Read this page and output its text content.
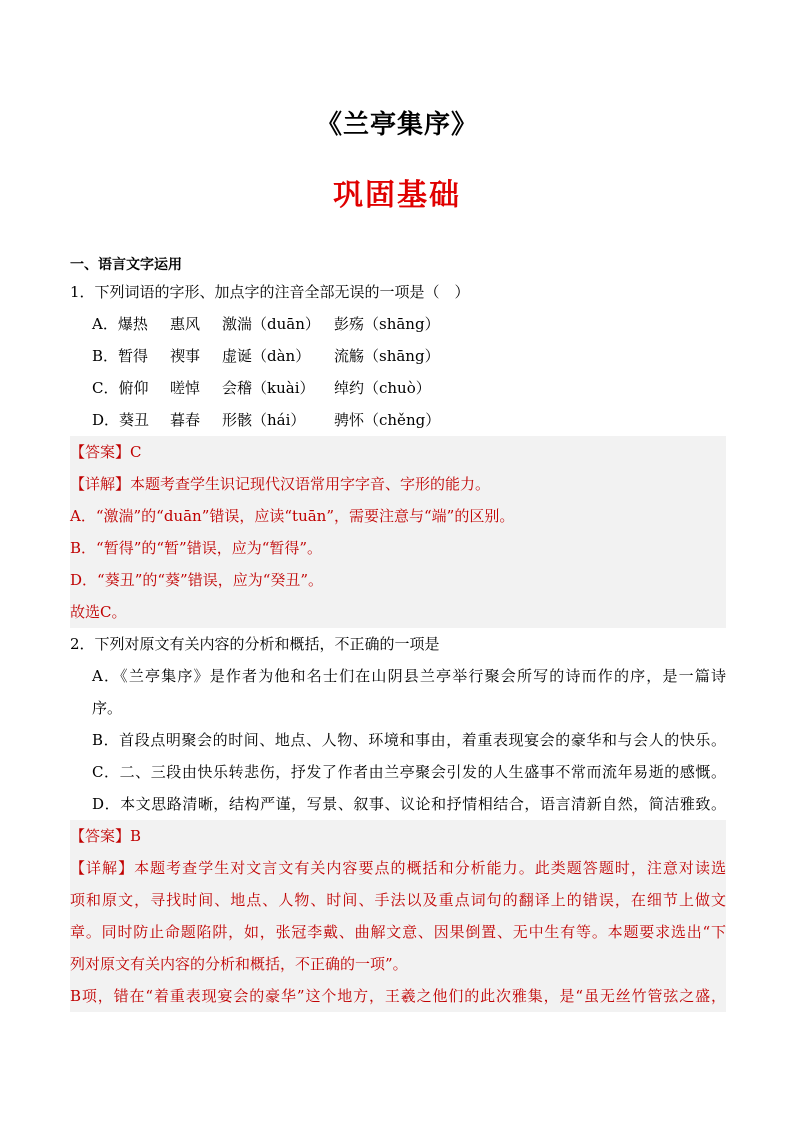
《兰亭集序》
巩固基础
一、语言文字运用
1．下列词语的字形、加点字的注音全部无误的一项是（　）
A．爆热 惠风 激湍（duān） 彭殇（shāng）
B．暂得 禊事 虚诞（dàn） 流觞（shāng）
C．俯仰 嗟悼 会稽（kuài） 绰约（chuò）
D．葵丑 暮春 形骸（hái） 骋怀（chěng）
【答案】C
【详解】本题考查学生识记现代汉语常用字字音、字形的能力。
A．“激湍”的“duān”错误，应读“tuān”，需要注意与“端”的区别。
B．“暂得”的“暂”错误，应为“暂得”。
D．“葵丑”的“葵”错误，应为“癸丑”。
故选C。
2．下列对原文有关内容的分析和概括，不正确的一项是
A．《兰亭集序》是作者为他和名士们在山阴县兰亭举行聚会所写的诗而作的序，是一篇诗
序。
B．首段点明聚会的时间、地点、人物、环境和事由，着重表现宴会的豪华和与会人的快乐。
C．二、三段由快乐转悲伤，抒发了作者由兰亭聚会引发的人生盛事不常而流年易逝的感慨。
D．本文思路清晰，结构严谨，写景、叙事、议论和抒情相结合，语言清新自然，简洁雅致。
【答案】B
【详解】本题考查学生对文言文有关内容要点的概括和分析能力。此类题答题时，注意对读选
项和原文，寻找时间、地点、人物、时间、手法以及重点词句的翻译上的错误，在细节上做文
章。同时防止命题陷阱，如，张冠李戴、曲解文意、因果倒置、无中生有等。本题要求选出“下
列对原文有关内容的分析和概括，不正确的一项”。
B项，错在“着重表现宴会的豪华”这个地方，王羲之他们的此次雅集，是“虽无丝竹管弦之盛，
